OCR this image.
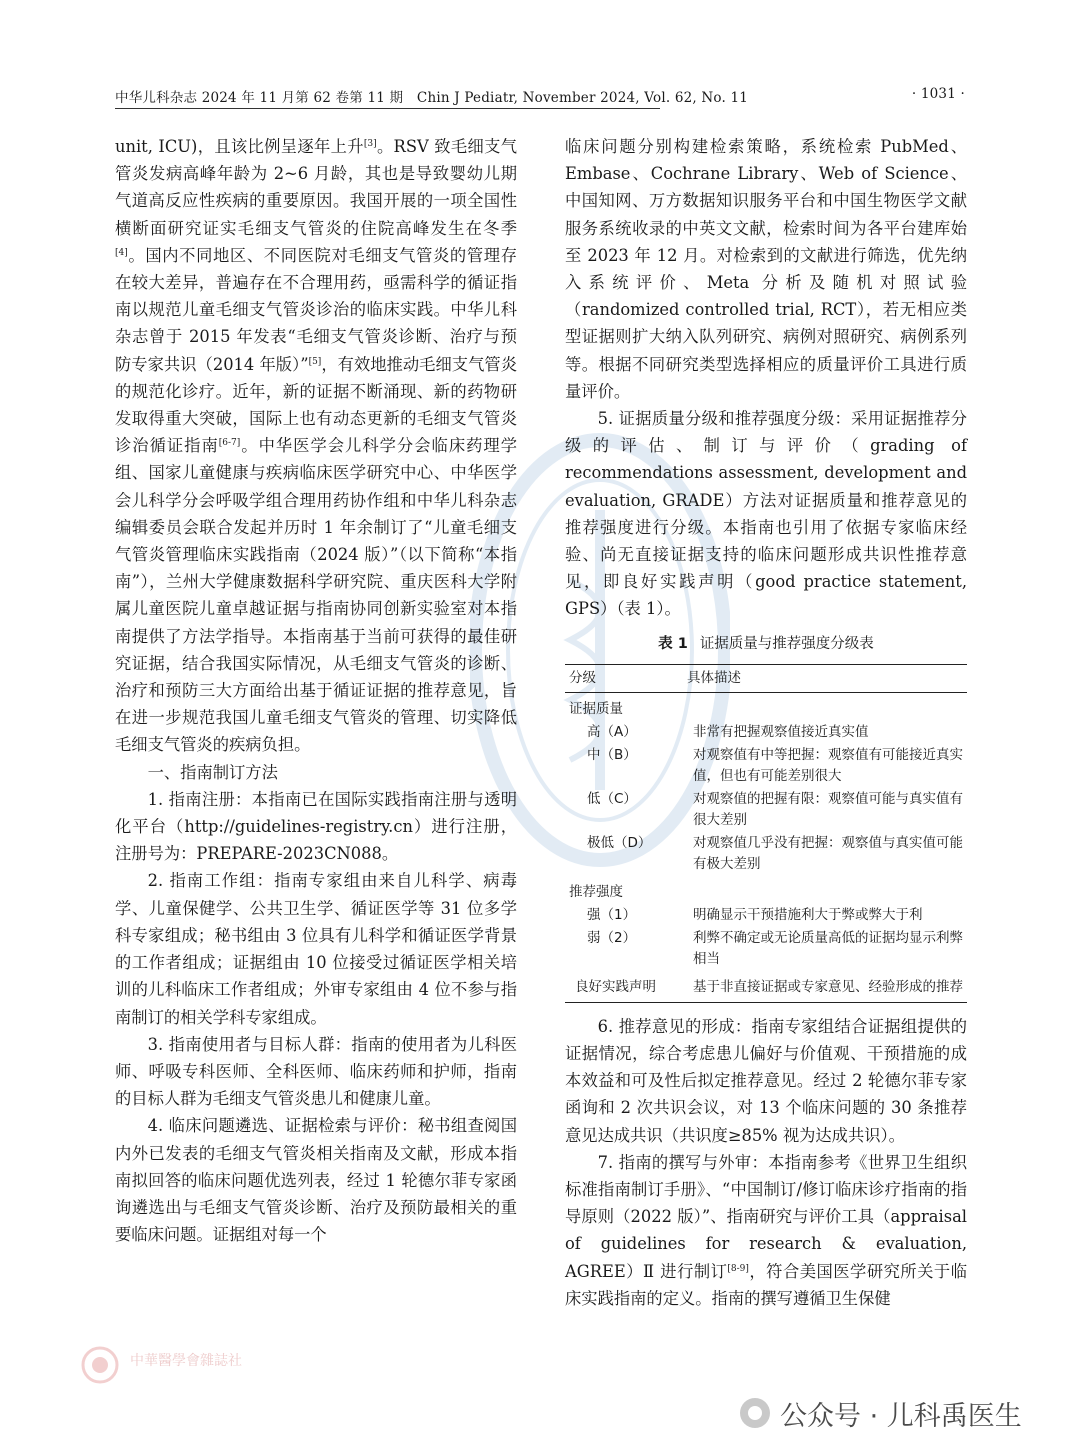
中华儿科杂志 2024 年 11 月第 62 卷第 11 期　Chin J Pediatr, November 2024, Vol. 62, No. 11	· 1031 ·

unit, ICU)，且该比例呈逐年上升[3]。RSV 致毛细支气管炎发病高峰年龄为 2~6 月龄，其也是导致婴幼儿期气道高反应性疾病的重要原因。我国开展的一项全国性横断面研究证实毛细支气管炎的住院高峰发生在冬季[4]。国内不同地区、不同医院对毛细支气管炎的管理存在较大差异，普遍存在不合理用药，亟需科学的循证指南以规范儿童毛细支气管炎诊治的临床实践。中华儿科杂志曾于 2015 年发表“毛细支气管炎诊断、治疗与预防专家共识（2014 年版）”[5]，有效地推动毛细支气管炎的规范化诊疗。近年，新的证据不断涌现、新的药物研发取得重大突破，国际上也有动态更新的毛细支气管炎诊治循证指南[6-7]。中华医学会儿科学分会临床药理学组、国家儿童健康与疾病临床医学研究中心、中华医学会儿科学分会呼吸学组合理用药协作组和中华儿科杂志编辑委员会联合发起并历时 1 年余制订了“儿童毛细支气管炎管理临床实践指南（2024 版）”（以下简称“本指南”），兰州大学健康数据科学研究院、重庆医科大学附属儿童医院儿童卓越证据与指南协同创新实验室对本指南提供了方法学指导。本指南基于当前可获得的最佳研究证据，结合我国实际情况，从毛细支气管炎的诊断、治疗和预防三大方面给出基于循证证据的推荐意见，旨在进一步规范我国儿童毛细支气管炎的管理、切实降低毛细支气管炎的疾病负担。

一、指南制订方法

1. 指南注册：本指南已在国际实践指南注册与透明化平台（http://guidelines-registry.cn）进行注册，注册号为：PREPARE-2023CN088。

2. 指南工作组：指南专家组由来自儿科学、病毒学、儿童保健学、公共卫生学、循证医学等 31 位多学科专家组成；秘书组由 3 位具有儿科学和循证医学背景的工作者组成；证据组由 10 位接受过循证医学相关培训的儿科临床工作者组成；外审专家组由 4 位不参与指南制订的相关学科专家组成。

3. 指南使用者与目标人群：指南的使用者为儿科医师、呼吸专科医师、全科医师、临床药师和护师，指南的目标人群为毛细支气管炎患儿和健康儿童。

4. 临床问题遴选、证据检索与评价：秘书组查阅国内外已发表的毛细支气管炎相关指南及文献，形成本指南拟回答的临床问题优选列表，经过 1 轮德尔菲专家函询遴选出与毛细支气管炎诊断、治疗及预防最相关的重要临床问题。证据组对每一个

临床问题分别构建检索策略，系统检索 PubMed、Embase、Cochrane Library、Web of Science、中国知网、万方数据知识服务平台和中国生物医学文献服务系统收录的中英文文献，检索时间为各平台建库始至 2023 年 12 月。对检索到的文献进行筛选，优先纳入系统评价、Meta 分析及随机对照试验（randomized controlled trial, RCT），若无相应类型证据则扩大纳入队列研究、病例对照研究、病例系列等。根据不同研究类型选择相应的质量评价工具进行质量评价。

5. 证据质量分级和推荐强度分级：采用证据推荐分级的评估、制订与评价（grading of recommendations assessment, development and evaluation, GRADE）方法对证据质量和推荐意见的推荐强度进行分级。本指南也引用了依据专家临床经验、尚无直接证据支持的临床问题形成共识性推荐意见，即良好实践声明（good practice statement, GPS）（表 1）。

表 1 证据质量与推荐强度分级表
分级	具体描述
证据质量	
高（A）	非常有把握观察值接近真实值
中（B）	对观察值有中等把握：观察值有可能接近真实值，但也有可能差别很大
低（C）	对观察值的把握有限：观察值可能与真实值有很大差别
极低（D）	对观察值几乎没有把握：观察值与真实值可能有极大差别
推荐强度	
强（1）	明确显示干预措施利大于弊或弊大于利
弱（2）	利弊不确定或无论质量高低的证据均显示利弊相当
良好实践声明	基于非直接证据或专家意见、经验形成的推荐

6. 推荐意见的形成：指南专家组结合证据组提供的证据情况，综合考虑患儿偏好与价值观、干预措施的成本效益和可及性后拟定推荐意见。经过 2 轮德尔菲专家函询和 2 次共识会议，对 13 个临床问题的 30 条推荐意见达成共识（共识度≥85% 视为达成共识）。

7. 指南的撰写与外审：本指南参考《世界卫生组织标准指南制订手册》、“中国制订/修订临床诊疗指南的指导原则（2022 版）”、指南研究与评价工具（appraisal of guidelines for research & evaluation, AGREE）Ⅱ 进行制订[8-9]，符合美国医学研究所关于临床实践指南的定义。指南的撰写遵循卫生保健

中華醫學會雜誌社
公众号 · 儿科禹医生
